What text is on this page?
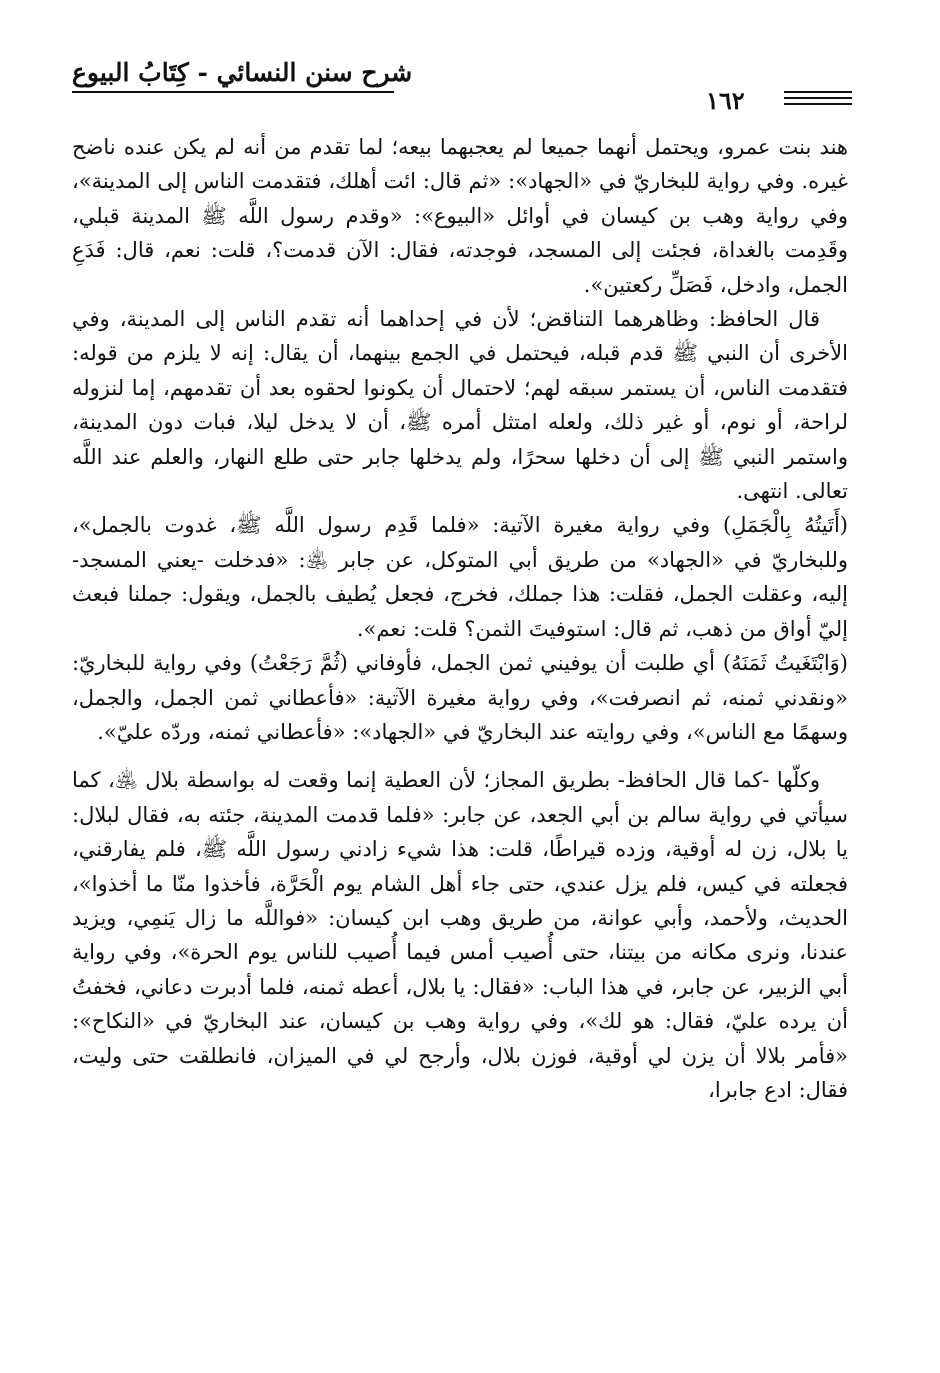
شرح سنن النسائي - كِتَابُ البيوع
١٦٢

هند بنت عمرو، ويحتمل أنهما جميعا لم يعجبهما بيعه؛ لما تقدم من أنه لم يكن عنده ناضح غيره. وفي رواية للبخاريّ في «الجهاد»: «ثم قال: ائت أهلك، فتقدمت الناس إلى المدينة»، وفي رواية وهب بن كيسان في أوائل «البيوع»: «وقدم رسول اللَّه ﷺ المدينة قبلي، وقَدِمت بالغداة، فجئت إلى المسجد، فوجدته، فقال: الآن قدمت؟، قلت: نعم، قال: فَدَعِ الجمل، وادخل، فَصَلِّ ركعتين».

قال الحافظ: وظاهرهما التناقض؛ لأن في إحداهما أنه تقدم الناس إلى المدينة، وفي الأخرى أن النبي ﷺ قدم قبله، فيحتمل في الجمع بينهما، أن يقال: إنه لا يلزم من قوله: فتقدمت الناس، أن يستمر سبقه لهم؛ لاحتمال أن يكونوا لحقوه بعد أن تقدمهم، إما لنزوله لراحة، أو نوم، أو غير ذلك، ولعله امتثل أمره ﷺ، أن لا يدخل ليلا، فبات دون المدينة، واستمر النبي ﷺ إلى أن دخلها سحرًا، ولم يدخلها جابر حتى طلع النهار، والعلم عند اللَّه تعالى. انتهى.

(أَتَيتُهُ بِالْجَمَلِ) وفي رواية مغيرة الآتية: «فلما قَدِم رسول اللَّه ﷺ، غدوت بالجمل»، وللبخاريّ في «الجهاد» من طريق أبي المتوكل، عن جابر ﵁: «فدخلت -يعني المسجد- إليه، وعقلت الجمل، فقلت: هذا جملك، فخرج، فجعل يُطيف بالجمل، ويقول: جملنا فبعث إليّ أواق من ذهب، ثم قال: استوفيتَ الثمن؟ قلت: نعم».

(وَابْتَغَيتُ ثَمَنَهُ) أي طلبت أن يوفيني ثمن الجمل، فأوفاني (ثُمَّ رَجَعْتُ) وفي رواية للبخاريّ: «ونقدني ثمنه، ثم انصرفت»، وفي رواية مغيرة الآتية: «فأعطاني ثمن الجمل، والجمل، وسهمًا مع الناس»، وفي روايته عند البخاريّ في «الجهاد»: «فأعطاني ثمنه، وردّه عليّ».

وكلّها -كما قال الحافظ- بطريق المجاز؛ لأن العطية إنما وقعت له بواسطة بلال ﵁، كما سيأتي في رواية سالم بن أبي الجعد، عن جابر: «فلما قدمت المدينة، جئته به، فقال لبلال: يا بلال، زن له أوقية، وزده قيراطًا، قلت: هذا شيء زادني رسول اللَّه ﷺ، فلم يفارقني، فجعلته في كيس، فلم يزل عندي، حتى جاء أهل الشام يوم الْحَرَّة، فأخذوا منّا ما أخذوا»، الحديث، ولأحمد، وأبي عوانة، من طريق وهب ابن كيسان: «فواللَّه ما زال يَنمِي، ويزيد عندنا، ونرى مكانه من بيتنا، حتى أُصيب أمس فيما أُصيب للناس يوم الحرة»، وفي رواية أبي الزبير، عن جابر، في هذا الباب: «فقال: يا بلال، أعطه ثمنه، فلما أدبرت دعاني، فخفتُ أن يرده عليّ، فقال: هو لك»، وفي رواية وهب بن كيسان، عند البخاريّ في «النكاح»: «فأمر بلالا أن يزن لي أوقية، فوزن بلال، وأرجح لي في الميزان، فانطلقت حتى وليت، فقال: ادع جابرا،
